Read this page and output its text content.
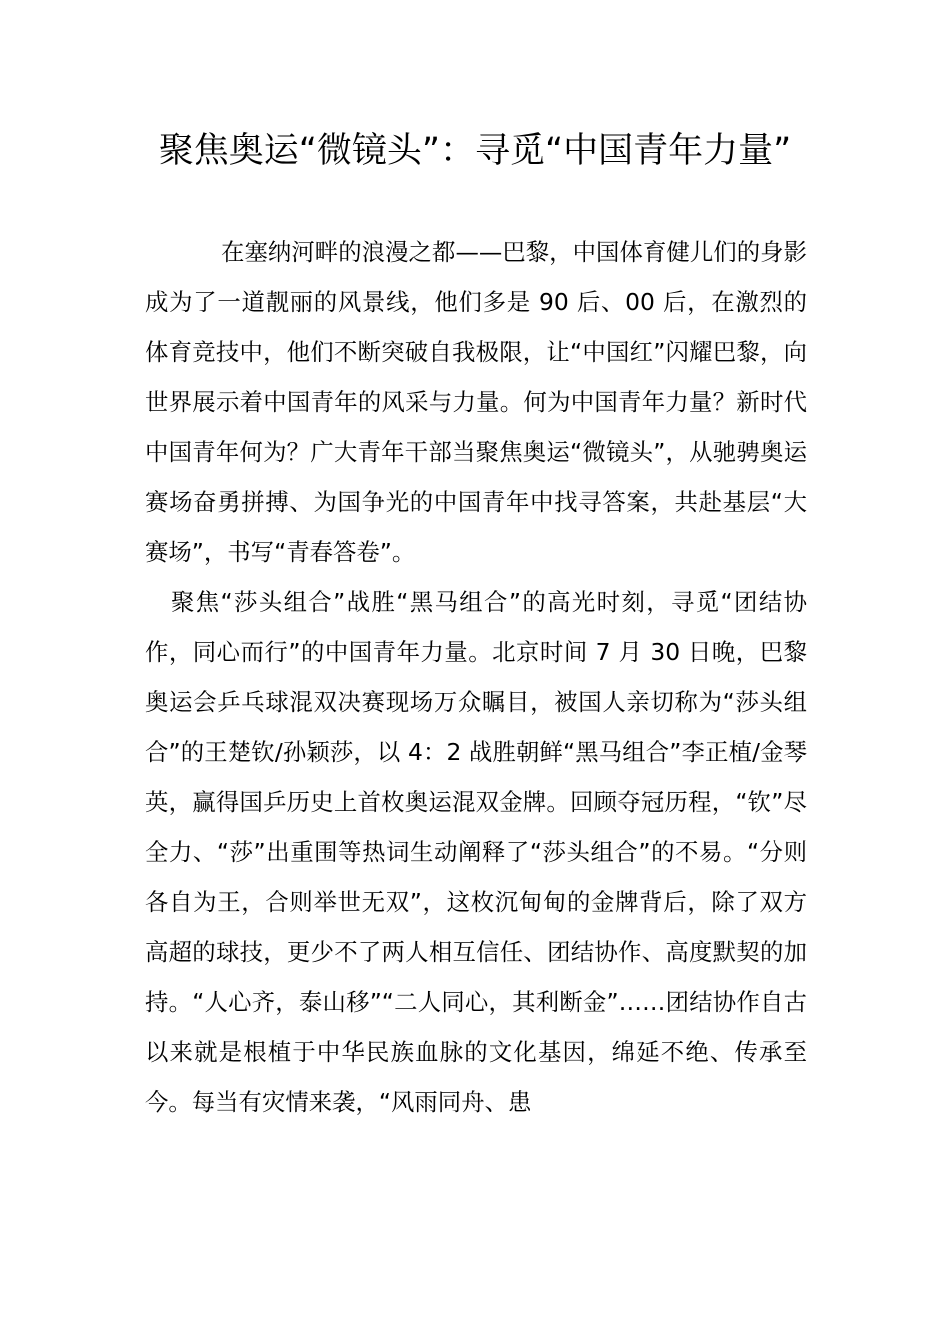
聚焦奥运“微镜头”：寻觅“中国青年力量”

在塞纳河畔的浪漫之都——巴黎，中国体育健儿们的身影成为了一道靓丽的风景线，他们多是 90 后、00 后，在激烈的体育竞技中，他们不断突破自我极限，让“中国红”闪耀巴黎，向世界展示着中国青年的风采与力量。何为中国青年力量？新时代中国青年何为？广大青年干部当聚焦奥运“微镜头”，从驰骋奥运赛场奋勇拼搏、为国争光的中国青年中找寻答案，共赴基层“大赛场”，书写“青春答卷”。

聚焦“莎头组合”战胜“黑马组合”的高光时刻，寻觅“团结协作，同心而行”的中国青年力量。北京时间 7 月 30 日晚，巴黎奥运会乒乓球混双决赛现场万众瞩目，被国人亲切称为“莎头组合”的王楚钦/孙颖莎，以 4：2 战胜朝鲜“黑马组合”李正植/金琴英，赢得国乒历史上首枚奥运混双金牌。回顾夺冠历程，“钦”尽全力、“莎”出重围等热词生动阐释了“莎头组合”的不易。“分则各自为王，合则举世无双”，这枚沉甸甸的金牌背后，除了双方高超的球技，更少不了两人相互信任、团结协作、高度默契的加持。“人心齐，泰山移”“二人同心，其利断金”……团结协作自古以来就是根植于中华民族血脉的文化基因，绵延不绝、传承至今。每当有灾情来袭，“风雨同舟、患
